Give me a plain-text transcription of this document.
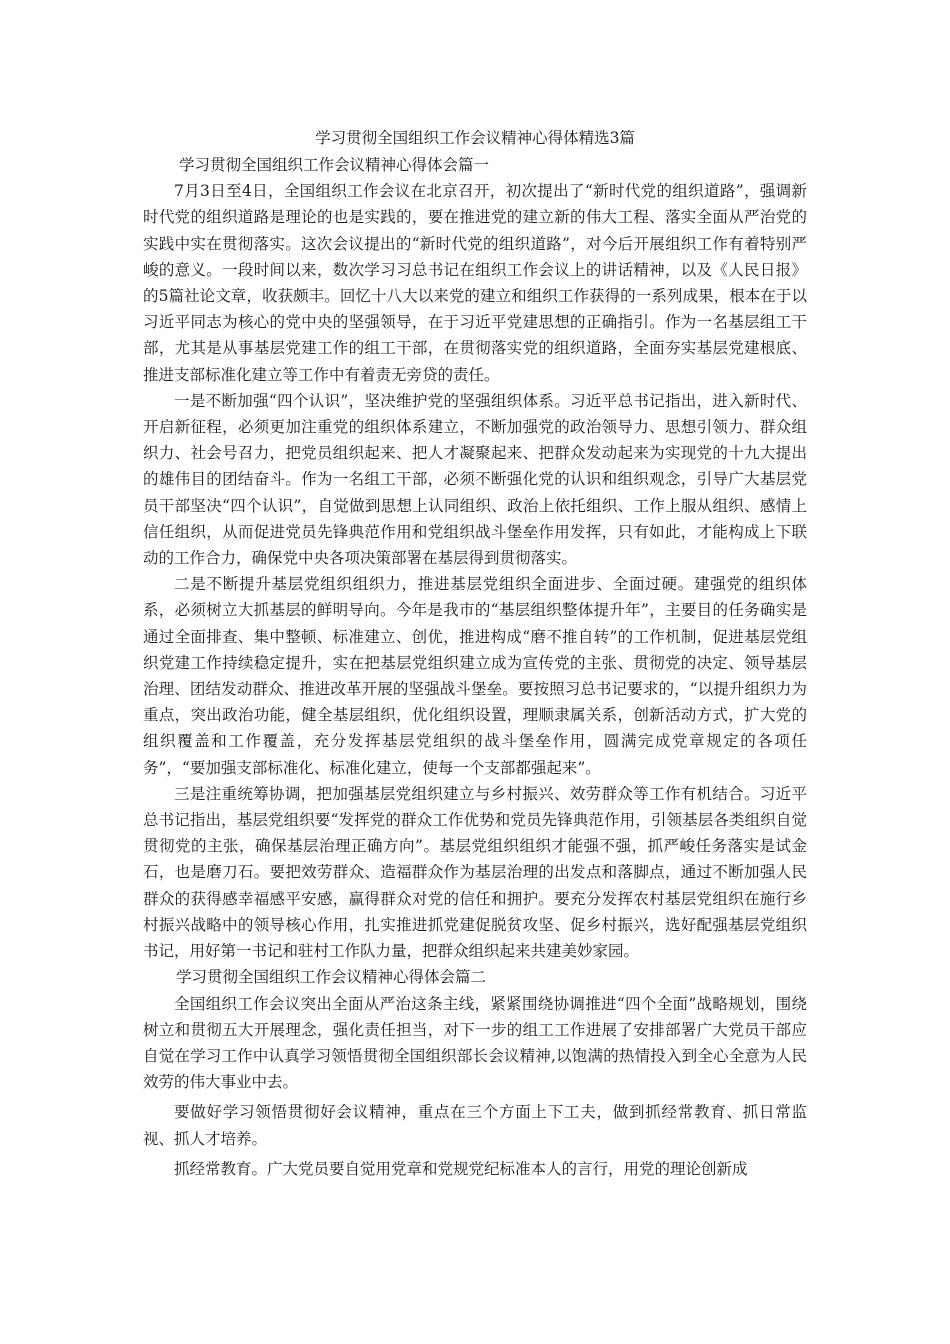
学习贯彻全国组织工作会议精神心得体精选3篇

学习贯彻全国组织工作会议精神心得体会篇一

7月3日至4日，全国组织工作会议在北京召开，初次提出了“新时代党的组织道路”，强调新时代党的组织道路是理论的也是实践的，要在推进党的建立新的伟大工程、落实全面从严治党的实践中实在贯彻落实。这次会议提出的“新时代党的组织道路”，对今后开展组织工作有着特别严峻的意义。一段时间以来，数次学习习总书记在组织工作会议上的讲话精神，以及《人民日报》的5篇社论文章，收获颇丰。回忆十八大以来党的建立和组织工作获得的一系列成果，根本在于以习近平同志为核心的党中央的坚强领导，在于习近平党建思想的正确指引。作为一名基层组工干部，尤其是从事基层党建工作的组工干部，在贯彻落实党的组织道路，全面夯实基层党建根底、推进支部标准化建立等工作中有着责无旁贷的责任。

一是不断加强“四个认识”，坚决维护党的坚强组织体系。习近平总书记指出，进入新时代、开启新征程，必须更加注重党的组织体系建立，不断加强党的政治领导力、思想引领力、群众组织力、社会号召力，把党员组织起来、把人才凝聚起来、把群众发动起来为实现党的十九大提出的雄伟目的团结奋斗。作为一名组工干部，必须不断强化党的认识和组织观念，引导广大基层党员干部坚决“四个认识”，自觉做到思想上认同组织、政治上依托组织、工作上服从组织、感情上信任组织，从而促进党员先锋典范作用和党组织战斗堡垒作用发挥，只有如此，才能构成上下联动的工作合力，确保党中央各项决策部署在基层得到贯彻落实。

二是不断提升基层党组织组织力，推进基层党组织全面进步、全面过硬。建强党的组织体系，必须树立大抓基层的鲜明导向。今年是我市的“基层组织整体提升年”，主要目的任务确实是通过全面排查、集中整顿、标准建立、创优，推进构成“磨不推自转”的工作机制，促进基层党组织党建工作持续稳定提升，实在把基层党组织建立成为宣传党的主张、贯彻党的决定、领导基层治理、团结发动群众、推进改革开展的坚强战斗堡垒。要按照习总书记要求的，“以提升组织力为重点，突出政治功能，健全基层组织，优化组织设置，理顺隶属关系，创新活动方式，扩大党的组织覆盖和工作覆盖，充分发挥基层党组织的战斗堡垒作用，圆满完成党章规定的各项任务”，“要加强支部标准化、标准化建立，使每一个支部都强起来”。

三是注重统筹协调，把加强基层党组织建立与乡村振兴、效劳群众等工作有机结合。习近平总书记指出，基层党组织要“发挥党的群众工作优势和党员先锋典范作用，引领基层各类组织自觉贯彻党的主张，确保基层治理正确方向”。基层党组织组织才能强不强，抓严峻任务落实是试金石，也是磨刀石。要把效劳群众、造福群众作为基层治理的出发点和落脚点，通过不断加强人民群众的获得感幸福感平安感，赢得群众对党的信任和拥护。要充分发挥农村基层党组织在施行乡村振兴战略中的领导核心作用，扎实推进抓党建促脱贫攻坚、促乡村振兴，选好配强基层党组织书记，用好第一书记和驻村工作队力量，把群众组织起来共建美妙家园。

学习贯彻全国组织工作会议精神心得体会篇二

全国组织工作会议突出全面从严治这条主线，紧紧围绕协调推进“四个全面”战略规划，围绕树立和贯彻五大开展理念，强化责任担当，对下一步的组工工作进展了安排部署广大党员干部应自觉在学习工作中认真学习领悟贯彻全国组织部长会议精神,以饱满的热情投入到全心全意为人民效劳的伟大事业中去。

要做好学习领悟贯彻好会议精神，重点在三个方面上下工夫，做到抓经常教育、抓日常监视、抓人才培养。

抓经常教育。广大党员要自觉用党章和党规党纪标准本人的言行，用党的理论创新成
